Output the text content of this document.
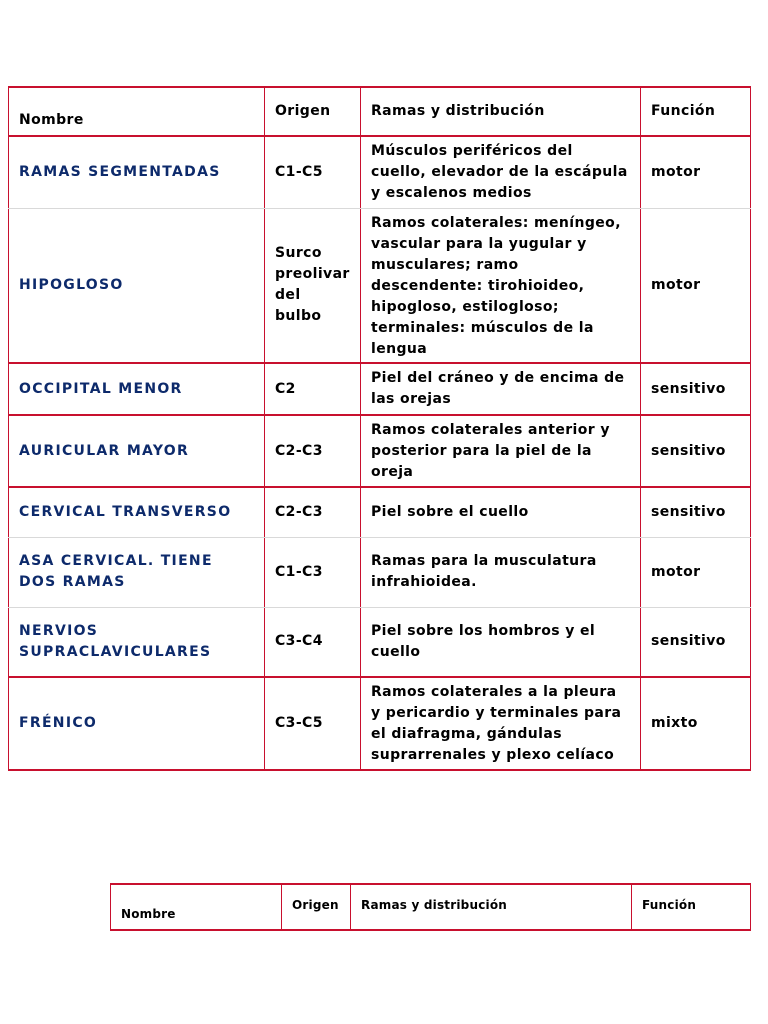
Nombre	Origen	Ramas y distribución	Función
RAMAS SEGMENTADAS	C1-C5	Músculos periféricos del cuello, elevador de la escápula y escalenos medios	motor
HIPOGLOSO	Surco preolivar del bulbo	Ramos colaterales: meníngeo, vascular para la yugular y musculares; ramo descendente: tirohioideo, hipogloso, estilogloso; terminales: músculos de la lengua	motor
OCCIPITAL MENOR	C2	Piel del cráneo y de encima de las orejas	sensitivo
AURICULAR MAYOR	C2-C3	Ramos colaterales anterior y posterior para la piel de la oreja	sensitivo
CERVICAL TRANSVERSO	C2-C3	Piel sobre el cuello	sensitivo
ASA CERVICAL. TIENE DOS RAMAS	C1-C3	Ramas para la musculatura infrahioidea.	motor
NERVIOS SUPRACLAVICULARES	C3-C4	Piel sobre los hombros y el cuello	sensitivo
FRÉNICO	C3-C5	Ramos colaterales a la pleura y pericardio y terminales para el diafragma, gándulas suprarrenales y plexo celíaco	mixto
Nombre	Origen	Ramas y distribución	Función
